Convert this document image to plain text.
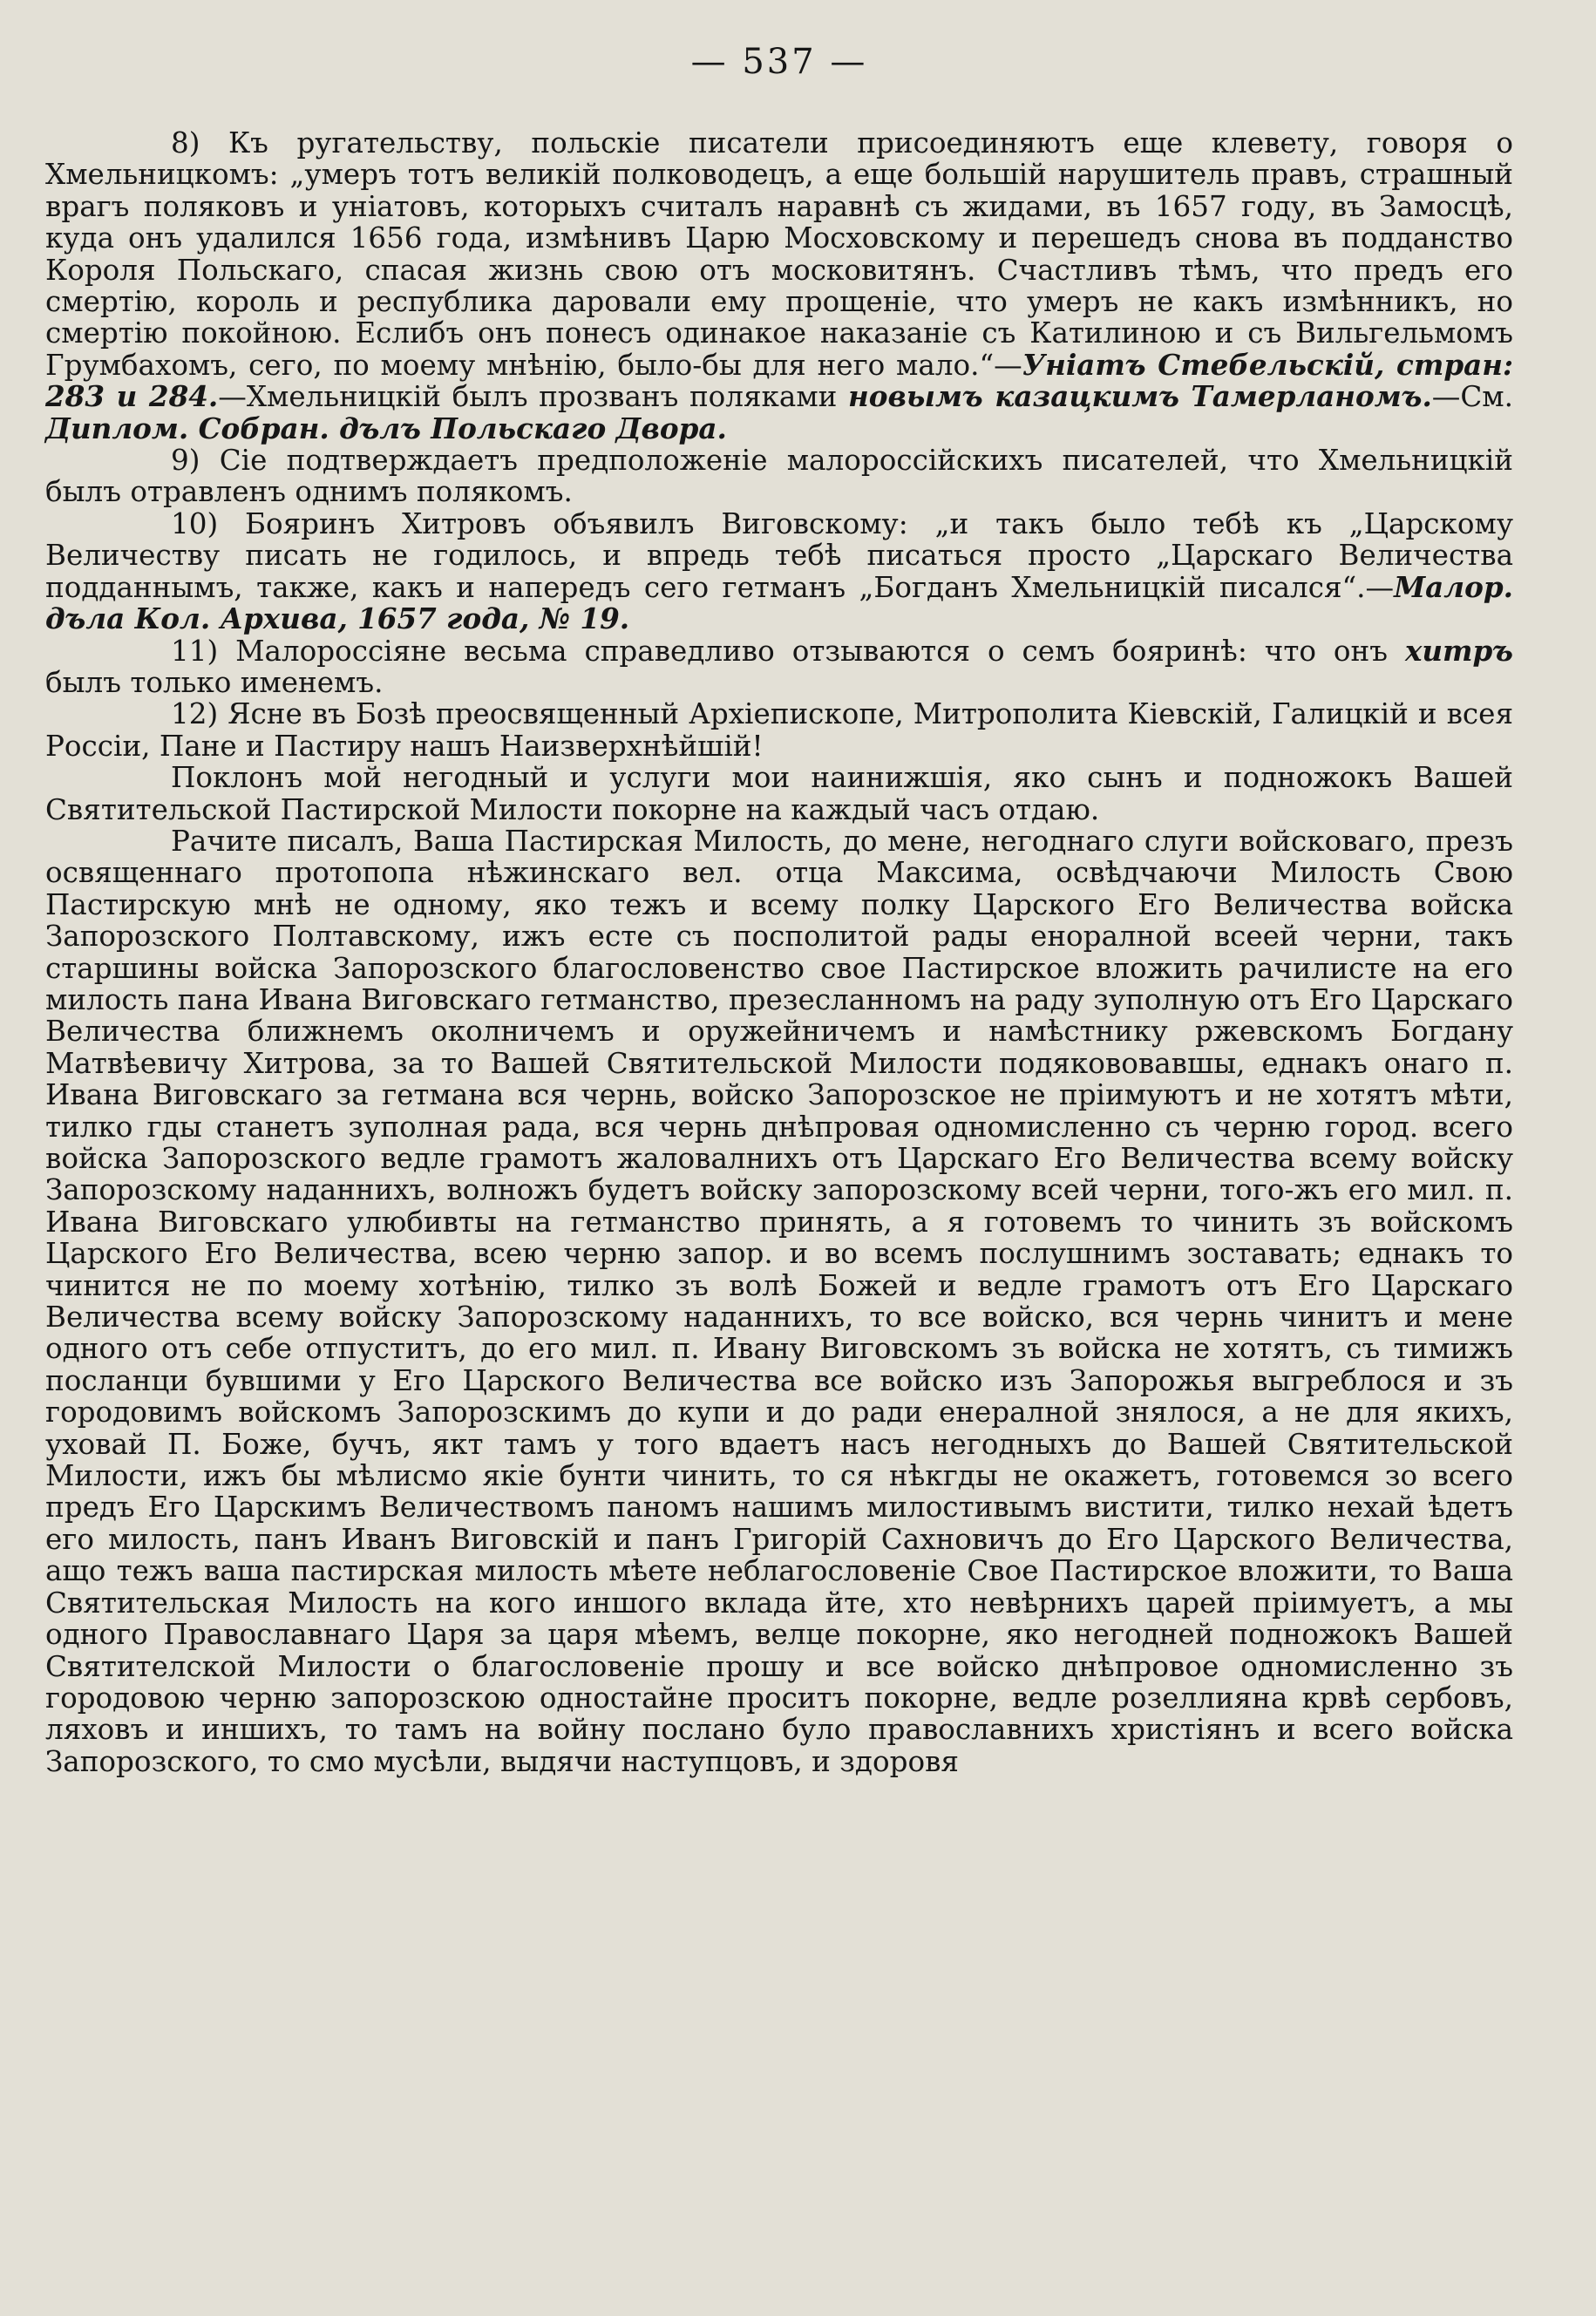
— 537 —

8) Къ ругательству, польскіе писатели присоединяютъ еще клевету, говоря о Хмельницкомъ: „умеръ тотъ великій полководецъ, а еще большій нарушитель правъ, страшный врагъ поляковъ и уніатовъ, которыхъ считалъ наравнѣ съ жидами, въ 1657 году, въ Замосцѣ, куда онъ удалился 1656 года, измѣнивъ Царю Мосховскому и перешедъ снова въ подданство Короля Польскаго, спасая жизнь свою отъ московитянъ. Счастливъ тѣмъ, что предъ его смертію, король и республика даровали ему прощеніе, что умеръ не какъ измѣнникъ, но смертію покойною. Еслибъ онъ понесъ одинакое наказаніе съ Катилиною и съ Вильгельмомъ Грумбахомъ, сего, по моему мнѣнію, было-бы для него мало.“—Уніатъ Стебельскій, стран: 283 и 284.—Хмельницкій былъ прозванъ поляками новымъ казацкимъ Тамерланомъ.—См. Диплом. Собран. дълъ Польскаго Двора.

9) Сіе подтверждаетъ предположеніе малороссійскихъ писателей, что Хмельницкій былъ отравленъ однимъ полякомъ.

10) Бояринъ Хитровъ объявилъ Виговскому: „и такъ было тебѣ къ „Царскому Величеству писать не годилось, и впредь тебѣ писаться просто „Царскаго Величества подданнымъ, также, какъ и напередъ сего гетманъ „Богданъ Хмельницкій писался“.—Малор. дъла Кол. Архива, 1657 года, № 19.

11) Малороссіяне весьма справедливо отзываются о семъ бояринѣ: что онъ хитръ былъ только именемъ.

12) Ясне въ Бозѣ преосвященный Архіепископе, Митрополита Кіевскій, Галицкій и всея Россіи, Пане и Пастиру нашъ Наизверхнѣйшій!

Поклонъ мой негодный и услуги мои наинижшія, яко сынъ и подножокъ Вашей Святительской Пастирской Милости покорне на каждый часъ отдаю.

Рачите писалъ, Ваша Пастирская Милость, до мене, негоднаго слуги войсковаго, презъ освященнаго протопопа нѣжинскаго вел. отца Максима, освѣдчаючи Милость Свою Пастирскую мнѣ не одному, яко тежъ и всему полку Царского Его Величества войска Запорозского Полтавскому, ижъ есте съ посполитой рады енoралной всеей черни, такъ старшины войска Запорозского благословенство свое Пастирское вложить рачилисте на его милость пана Ивана Виговскаго гетманство, презесланномъ на раду зуполную отъ Его Царскаго Величества ближнемъ околничемъ и оружейничемъ и намѣстнику ржевскомъ Богдану Матвѣевичу Хитрова, за то Вашей Святительской Милости подякововавшы, еднакъ онаго п. Ивана Виговскаго за гетмана вся чернь, войско Запорозское не пріимуютъ и не хотятъ мѣти, тилко гды станетъ зуполная рада, вся чернь днѣпровая одномисленно съ черню город. всего войска Запорозского ведле грамотъ жаловалнихъ отъ Царскаго Его Величества всему войску Запорозскому наданнихъ, волножъ будетъ войску запорозскому всей черни, того-жъ его мил. п. Ивана Виговскаго улюбивты на гетманство принять, а я готовемъ то чинить зъ войскомъ Царского Его Величества, всею черню запор. и во всемъ послушнимъ зоставать; еднакъ то чинится не по моему хотѣнію, тилко зъ волѣ Божей и ведле грамотъ отъ Его Царскаго Величества всему войску Запорозскому наданнихъ, то все войско, вся чернь чинитъ и мене одного отъ себе отпуститъ, до его мил. п. Ивану Виговскомъ зъ войска не хотятъ, съ тимижъ посланци бувшими у Его Царского Величества все войско изъ Запорожья выгреблося и зъ городовимъ войскомъ Запорозскимъ до купи и до ради енералной знялося, а не для якихъ, уховай П. Боже, бучъ, якт тамъ у того вдаетъ насъ негодныхъ до Вашей Святительской Милости, ижъ бы мѣлисмо якіе бунти чинить, то ся нѣкгды не окажетъ, готовемся зо всего предъ Его Царскимъ Величествомъ паномъ нашимъ милостивымъ вистити, тилко нехай ѣдетъ его милость, панъ Иванъ Виговскій и панъ Григорій Сахновичъ до Его Царского Величества, ащо тежъ ваша пастирская милость мѣете неблагословеніе Свое Пастирское вложити, то Ваша Святительская Милость на кого иншого вклада йте, хто невѣрнихъ царей пріимуетъ, а мы одного Православнаго Царя за царя мѣемъ, велце покорне, яко негодней подножокъ Вашей Святителской Милости о благословеніе прошу и все войско днѣпровое одномисленно зъ городовою черню запорозскою одностайне проситъ покорне, ведле розеллияна крвѣ сербовъ, ляховъ и иншихъ, то тамъ на войну послано було православнихъ христіянъ и всего войска Запорозского, то смо мусѣли, выдячи наступцовъ, и здоровя
